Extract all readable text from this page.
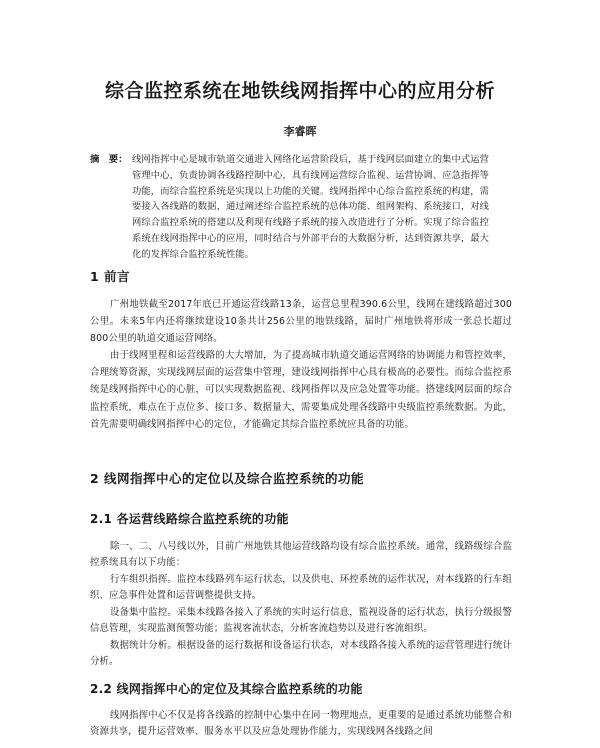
综合监控系统在地铁线网指挥中心的应用分析
李睿晖
摘　要： 线网指挥中心是城市轨道交通进入网络化运营阶段后，基于线网层面建立的集中式运营管理中心，负责协调各线路控制中心，具有线网运营综合监视、运营协调、应急指挥等功能，而综合监控系统是实现以上功能的关键。线网指挥中心综合监控系统的构建，需要接入各线路的数据，通过阐述综合监控系统的总体功能、组网架构、系统接口，对线网综合监控系统的搭建以及利现有线路子系统的接入改造进行了分析。实现了综合监控系统在线网指挥中心的应用，同时结合与外部平台的大数据分析，达到资源共享，最大化的发挥综合监控系统性能。
1 前言
广州地铁截至2017年底已开通运营线路13条，运营总里程390.6公里，线网在建线路超过300公里。未来5年内还将继续建设10条共计256公里的地铁线路，届时广州地铁将形成一张总长超过800公里的轨道交通运营网络。
由于线网里程和运营线路的大大增加，为了提高城市轨道交通运营网络的协调能力和管控效率，合理统筹资源，实现线网层面的运营集中管理，建设线网指挥中心具有极高的必要性。而综合监控系统是线网指挥中心的心脏，可以实现数据监视、线网指挥以及应急处置等功能。搭建线网层面的综合监控系统，难点在于点位多、接口多、数据量大，需要集成处理各线路中央级监控系统数据。为此，首先需要明确线网指挥中心的定位，才能确定其综合监控系统应具备的功能。
2 线网指挥中心的定位以及综合监控系统的功能
2.1 各运营线路综合监控系统的功能
除一、二、八号线以外，目前广州地铁其他运营线路均设有综合监控系统。通常，线路级综合监控系统具有以下功能：
行车组织指挥。监控本线路列车运行状态，以及供电、环控系统的运作状况，对本线路的行车组织、应急事件处置和运营调整提供支持。
设备集中监控。采集本线路各接入了系统的实时运行信息，監视设备的运行状态，执行分级报警信息管理，实现监测预警功能；监视客流状态，分析客流趋势以及进行客流组织。
数据统计分析。根据设备的运行数据和设备运行状态，对本线路各接入系统的运营管理进行统计分析。
2.2 线网指挥中心的定位及其综合监控系统的功能
线网指挥中心不仅是将各线路的控制中心集中在同一物理地点，更重要的是通过系统功能整合和资源共享，提升运营效率、服务水平以及应急处理协作能力，实现线网各线路之间
